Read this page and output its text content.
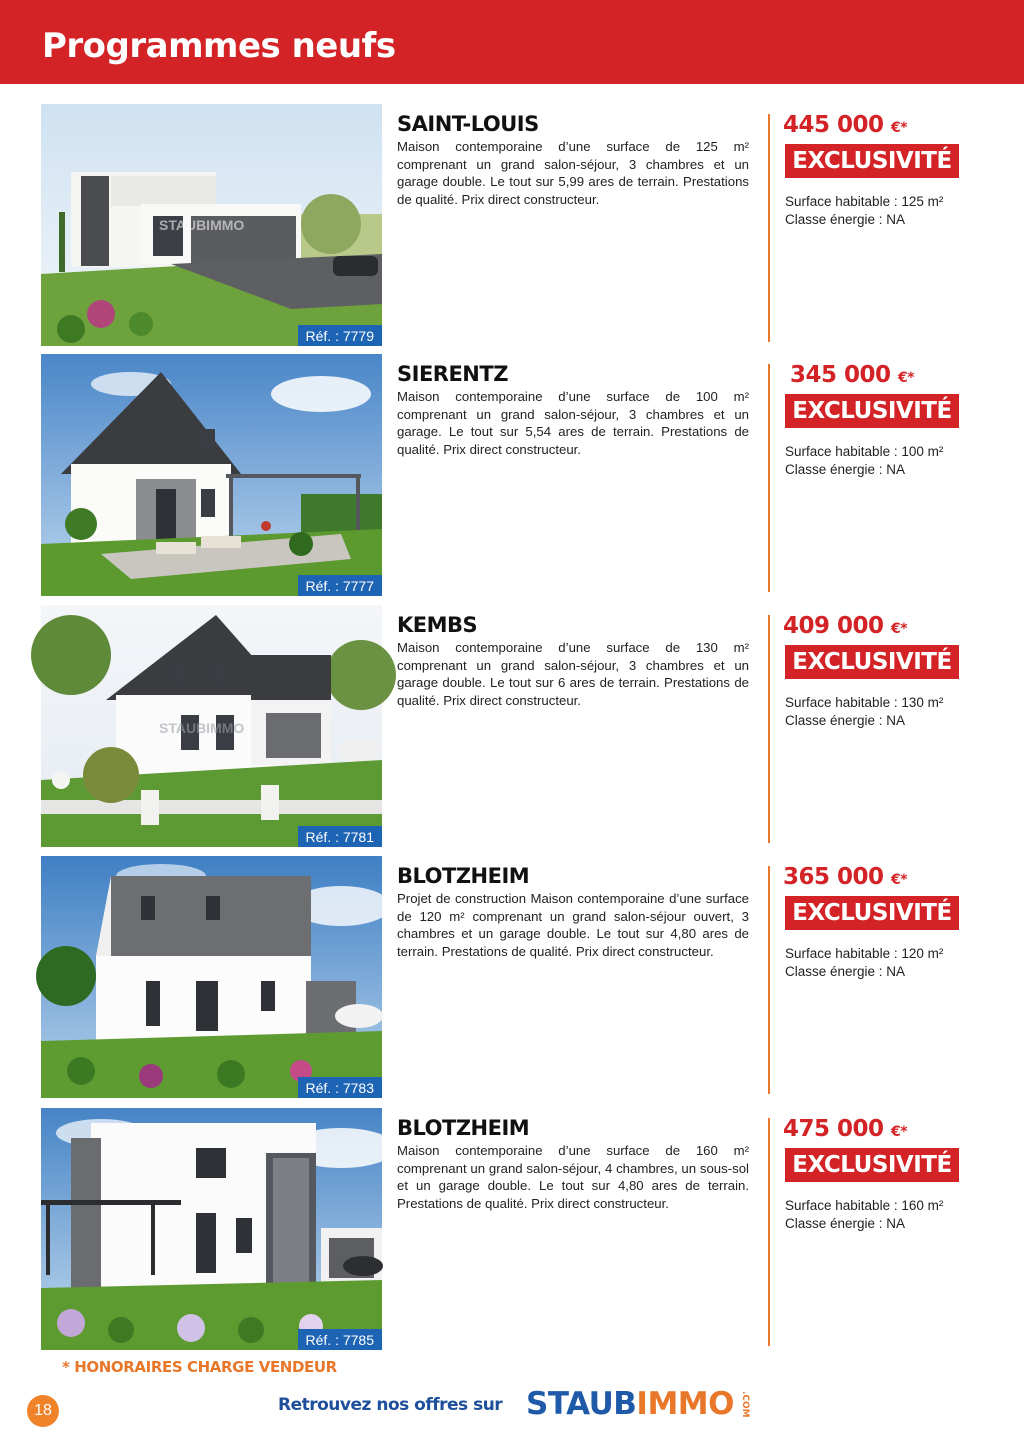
Programmes neufs
STAUBIMMO
Réf. : 7779
SAINT-LOUIS

Maison contemporaine d’une surface de 125 m² comprenant un grand salon-séjour, 3 chambres et un garage double. Le tout sur 5,99 ares de terrain. Prestations de qualité. Prix direct constructeur.

445 000 €*
EXCLUSIVITÉ
Surface habitable : 125 m²
Classe énergie : NA
Réf. : 7777
SIERENTZ

Maison contemporaine d’une surface de 100 m² comprenant un grand salon-séjour, 3 chambres et un garage. Le tout sur 5,54 ares de terrain. Prestations de qualité. Prix direct constructeur.

345 000 €*
EXCLUSIVITÉ
Surface habitable : 100 m²
Classe énergie : NA
STAUBIMMO
Réf. : 7781
KEMBS

Maison contemporaine d’une surface de 130 m² comprenant un grand salon-séjour, 3 chambres et un garage double. Le tout sur 6 ares de terrain. Prestations de qualité. Prix direct constructeur.

409 000 €*
EXCLUSIVITÉ
Surface habitable : 130 m²
Classe énergie : NA
Réf. : 7783
BLOTZHEIM

Projet de construction Maison contemporaine d’une surface de 120 m² comprenant un grand salon-séjour ouvert, 3 chambres et un garage double. Le tout sur 4,80 ares de terrain. Prestations de qualité. Prix direct constructeur.

365 000 €*
EXCLUSIVITÉ
Surface habitable : 120 m²
Classe énergie : NA
Réf. : 7785
BLOTZHEIM

Maison contemporaine d’une surface de 160 m² comprenant un grand salon-séjour, 4 chambres, un sous-sol et un garage double. Le tout sur 4,80 ares de terrain. Prestations de qualité. Prix direct constructeur.

475 000 €*
EXCLUSIVITÉ
Surface habitable : 160 m²
Classe énergie : NA
* HONORAIRES CHARGE VENDEUR
18	Retrouvez nos offres sur STAUBIMMO .COM
